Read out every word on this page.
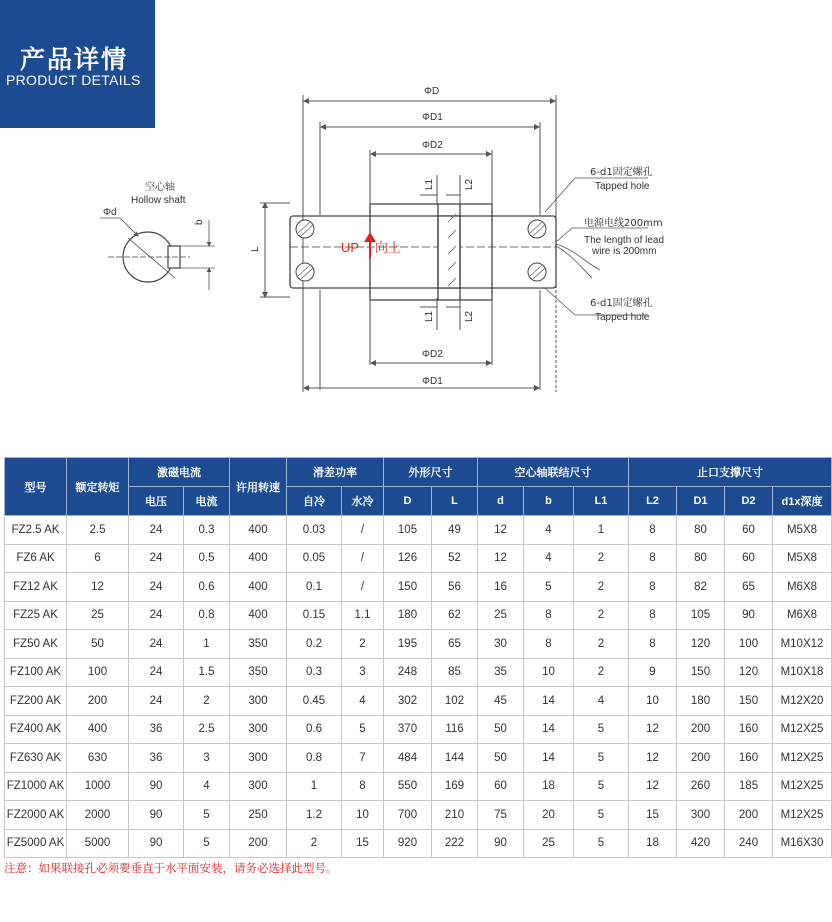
产品详情
PRODUCT DETAILS
UP 向上
ΦD
ΦD1
ΦD2
ΦD2
ΦD1
L1	L2
L1	L2
L
空心轴
Hollow shaft
Φd
b
6-d1固定螺孔
Tapped hole
电源电线200mm
The length of lead
wire is 200mm
6-d1固定螺孔
Tapped hole
型号	额定转矩	激磁电流		许用转速	滑差功率		外形尺寸		空心轴联结尺寸			止口支撑尺寸			
		电压	电流		自冷	水冷	D	L	d	b	L1	L2	D1	D2	d1x深度
FZ2.5 AK	2.5	24	0.3	400	0.03	/	105	49	12	4	1	8	80	60	M5X8
FZ6 AK	6	24	0.5	400	0.05	/	126	52	12	4	2	8	80	60	M5X8
FZ12 AK	12	24	0.6	400	0.1	/	150	56	16	5	2	8	82	65	M6X8
FZ25 AK	25	24	0.8	400	0.15	1.1	180	62	25	8	2	8	105	90	M6X8
FZ50 AK	50	24	1	350	0.2	2	195	65	30	8	2	8	120	100	M10X12
FZ100 AK	100	24	1.5	350	0.3	3	248	85	35	10	2	9	150	120	M10X18
FZ200 AK	200	24	2	300	0.45	4	302	102	45	14	4	10	180	150	M12X20
FZ400 AK	400	36	2.5	300	0.6	5	370	116	50	14	5	12	200	160	M12X25
FZ630 AK	630	36	3	300	0.8	7	484	144	50	14	5	12	200	160	M12X25
FZ1000 AK	1000	90	4	300	1	8	550	169	60	18	5	12	260	185	M12X25
FZ2000 AK	2000	90	5	250	1.2	10	700	210	75	20	5	15	300	200	M12X25
FZ5000 AK	5000	90	5	200	2	15	920	222	90	25	5	18	420	240	M16X30
注意：如果联接孔必须要垂直于水平面安装，请务必选择此型号。
